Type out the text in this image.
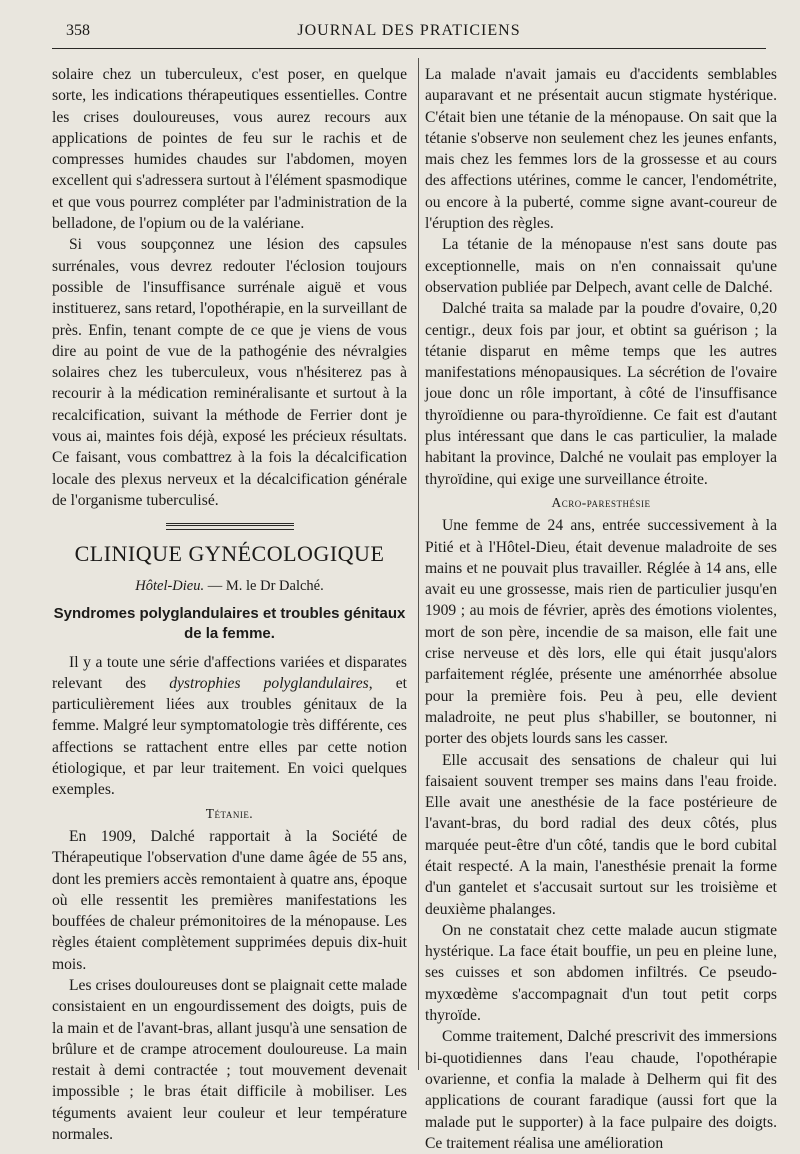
358	JOURNAL DES PRATICIENS

solaire chez un tuberculeux, c'est poser, en quelque sorte, les indications thérapeutiques essentielles. Contre les crises douloureuses, vous aurez recours aux applications de pointes de feu sur le rachis et de compresses humides chaudes sur l'abdomen, moyen excellent qui s'adressera surtout à l'élément spasmodique et que vous pourrez compléter par l'administration de la belladone, de l'opium ou de la valériane.

Si vous soupçonnez une lésion des capsules surrénales, vous devrez redouter l'éclosion toujours possible de l'insuffisance surrénale aiguë et vous instituerez, sans retard, l'opothérapie, en la surveillant de près. Enfin, tenant compte de ce que je viens de vous dire au point de vue de la pathogénie des névralgies solaires chez les tuberculeux, vous n'hésiterez pas à recourir à la médication reminéralisante et surtout à la recalcification, suivant la méthode de Ferrier dont je vous ai, maintes fois déjà, exposé les précieux résultats. Ce faisant, vous combattrez à la fois la décalcification locale des plexus nerveux et la décalcification générale de l'organisme tuberculisé.

CLINIQUE GYNÉCOLOGIQUE
Hôtel-Dieu. — M. le Dr Dalché.
Syndromes polyglandulaires et troubles génitaux de la femme.

Il y a toute une série d'affections variées et disparates relevant des dystrophies polyglandulaires, et particulièrement liées aux troubles génitaux de la femme. Malgré leur symptomatologie très différente, ces affections se rattachent entre elles par cette notion étiologique, et par leur traitement. En voici quelques exemples.

Tétanie.

En 1909, Dalché rapportait à la Société de Thérapeutique l'observation d'une dame âgée de 55 ans, dont les premiers accès remontaient à quatre ans, époque où elle ressentit les premières manifestations les bouffées de chaleur prémonitoires de la ménopause. Les règles étaient complètement supprimées depuis dix-huit mois.

Les crises douloureuses dont se plaignait cette malade consistaient en un engourdissement des doigts, puis de la main et de l'avant-bras, allant jusqu'à une sensation de brûlure et de crampe atrocement douloureuse. La main restait à demi contractée ; tout mouvement devenait impossible ; le bras était difficile à mobiliser. Les téguments avaient leur couleur et leur température normales.

La malade n'avait jamais eu d'accidents semblables auparavant et ne présentait aucun stigmate hystérique. C'était bien une tétanie de la ménopause. On sait que la tétanie s'observe non seulement chez les jeunes enfants, mais chez les femmes lors de la grossesse et au cours des affections utérines, comme le cancer, l'endométrite, ou encore à la puberté, comme signe avant-coureur de l'éruption des règles.

La tétanie de la ménopause n'est sans doute pas exceptionnelle, mais on n'en connaissait qu'une observation publiée par Delpech, avant celle de Dalché.

Dalché traita sa malade par la poudre d'ovaire, 0,20 centigr., deux fois par jour, et obtint sa guérison ; la tétanie disparut en même temps que les autres manifestations ménopausiques. La sécrétion de l'ovaire joue donc un rôle important, à côté de l'insuffisance thyroïdienne ou para-thyroïdienne. Ce fait est d'autant plus intéressant que dans le cas particulier, la malade habitant la province, Dalché ne voulait pas employer la thyroïdine, qui exige une surveillance étroite.

Acro-paresthésie

Une femme de 24 ans, entrée successivement à la Pitié et à l'Hôtel-Dieu, était devenue maladroite de ses mains et ne pouvait plus travailler. Réglée à 14 ans, elle avait eu une grossesse, mais rien de particulier jusqu'en 1909 ; au mois de février, après des émotions violentes, mort de son père, incendie de sa maison, elle fait une crise nerveuse et dès lors, elle qui était jusqu'alors parfaitement réglée, présente une aménorrhée absolue pour la première fois. Peu à peu, elle devient maladroite, ne peut plus s'habiller, se boutonner, ni porter des objets lourds sans les casser.

Elle accusait des sensations de chaleur qui lui faisaient souvent tremper ses mains dans l'eau froide. Elle avait une anesthésie de la face postérieure de l'avant-bras, du bord radial des deux côtés, plus marquée peut-être d'un côté, tandis que le bord cubital était respecté. A la main, l'anesthésie prenait la forme d'un gantelet et s'accusait surtout sur les troisième et deuxième phalanges.

On ne constatait chez cette malade aucun stigmate hystérique. La face était bouffie, un peu en pleine lune, ses cuisses et son abdomen infiltrés. Ce pseudo-myxœdème s'accompagnait d'un tout petit corps thyroïde.

Comme traitement, Dalché prescrivit des immersions bi-quotidiennes dans l'eau chaude, l'opothérapie ovarienne, et confia la malade à Delherm qui fit des applications de courant faradique (aussi fort que la malade put le supporter) à la face pulpaire des doigts. Ce traitement réalisa une amélioration
